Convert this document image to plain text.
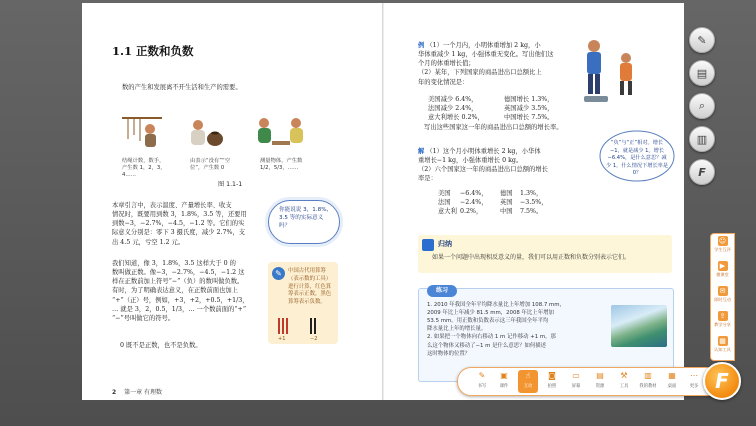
1.1 正数和负数
数的产生和发展离不开生活和生产的需要。
结绳计数，数手，产生数 1，2，3，4……
由表示“没有”“空位”，产生数 0
测量物体，产生数 1/2，5/3，……
图 1.1-1
本章引言中，表示温度、产量增长率、收支
情况时，既要用到数 3，1.8%，3.5 等，还要用
到数−3，−2.7%，−4.5，−1.2 等。它们的实
际意义分别是：零下 3 摄氏度，减少 2.7%，支
出 4.5 元，亏空 1.2 元。
我们知道，像 3，1.8%，3.5 这样大于 0 的
数叫做正数。像−3，−2.7%，−4.5，−1.2 这
样在正数前加上符号“−”（负）的数叫做负数。
有时，为了明确表达意义，在正数前面也加上
“+”（正）号，例如，+3，+2，+0.5，+1/3，
… 就是 3，2，0.5，1/3，… 一个数前面的“+”
“−”号叫做它的符号。
0 既不是正数，也不是负数。
2 第一章 有理数
你能说说 3，1.8%，3.5 等的实际意义吗？
✎	中国古代用算筹（表示数的工具）进行计算，红色算筹表示正数，黑色算筹表示负数。
+1	−2
例 （1）一个月内，小明体重增加 2 kg，小
华体重减少 1 kg，小强体重无变化。写出他们这
个月的体重增长值；
（2）某年，下列国家的商品进出口总额比上
年的变化情况是：
美国减少 6.4%，	德国增长 1.3%，
法国减少 2.4%，	英国减少 3.5%，
意大利增长 0.2%，	中国增长 7.5%。
写出这些国家这一年的商品进出口总额的增长率。
解 （1）这个月小明体重增长 2 kg，小华体
重增长−1 kg，小强体重增长 0 kg。
（2）六个国家这一年的商品进出口总额的增长
率是：
美国 −6.4%， 德国 1.3%，
法国 −2.4%， 英国 −3.5%，
意大利 0.2%，	中国 7.5%。
归纳
如果一个问题中出现相反意义的量，我们可以用正数和负数分别表示它们。
练习
1. 2010 年我国全年平均降水量比上年增加 108.7 mm，
2009 年比上年减少 81.5 mm，2008 年比上年增加
53.5 mm。用正数和负数表示这三年我国全年平均
降水量比上年的增长量。
2. 如果把一个物体向右移动 1 m 记作移动 +1 m，那
么这个物体又移动了−1 m 是什么意思？如何描述
这时物体的位置？
“负”与“正”相对。增长−1，就是减少 1。增长−6.4%，是什么意思？减少 1，什么情况下增长率是 0？
✎
▤
⌕
▥
F
☺
学生互评
▶
微课堂
✉
即时互动
⇪
教学分享
▦
认知工具
✎
书写
▣
课件
☝
互动
◙
拍照
▭
屏幕
▤
资源
⚒
工具
▥
我的教材
▦
桌面
⋯
更多 F
